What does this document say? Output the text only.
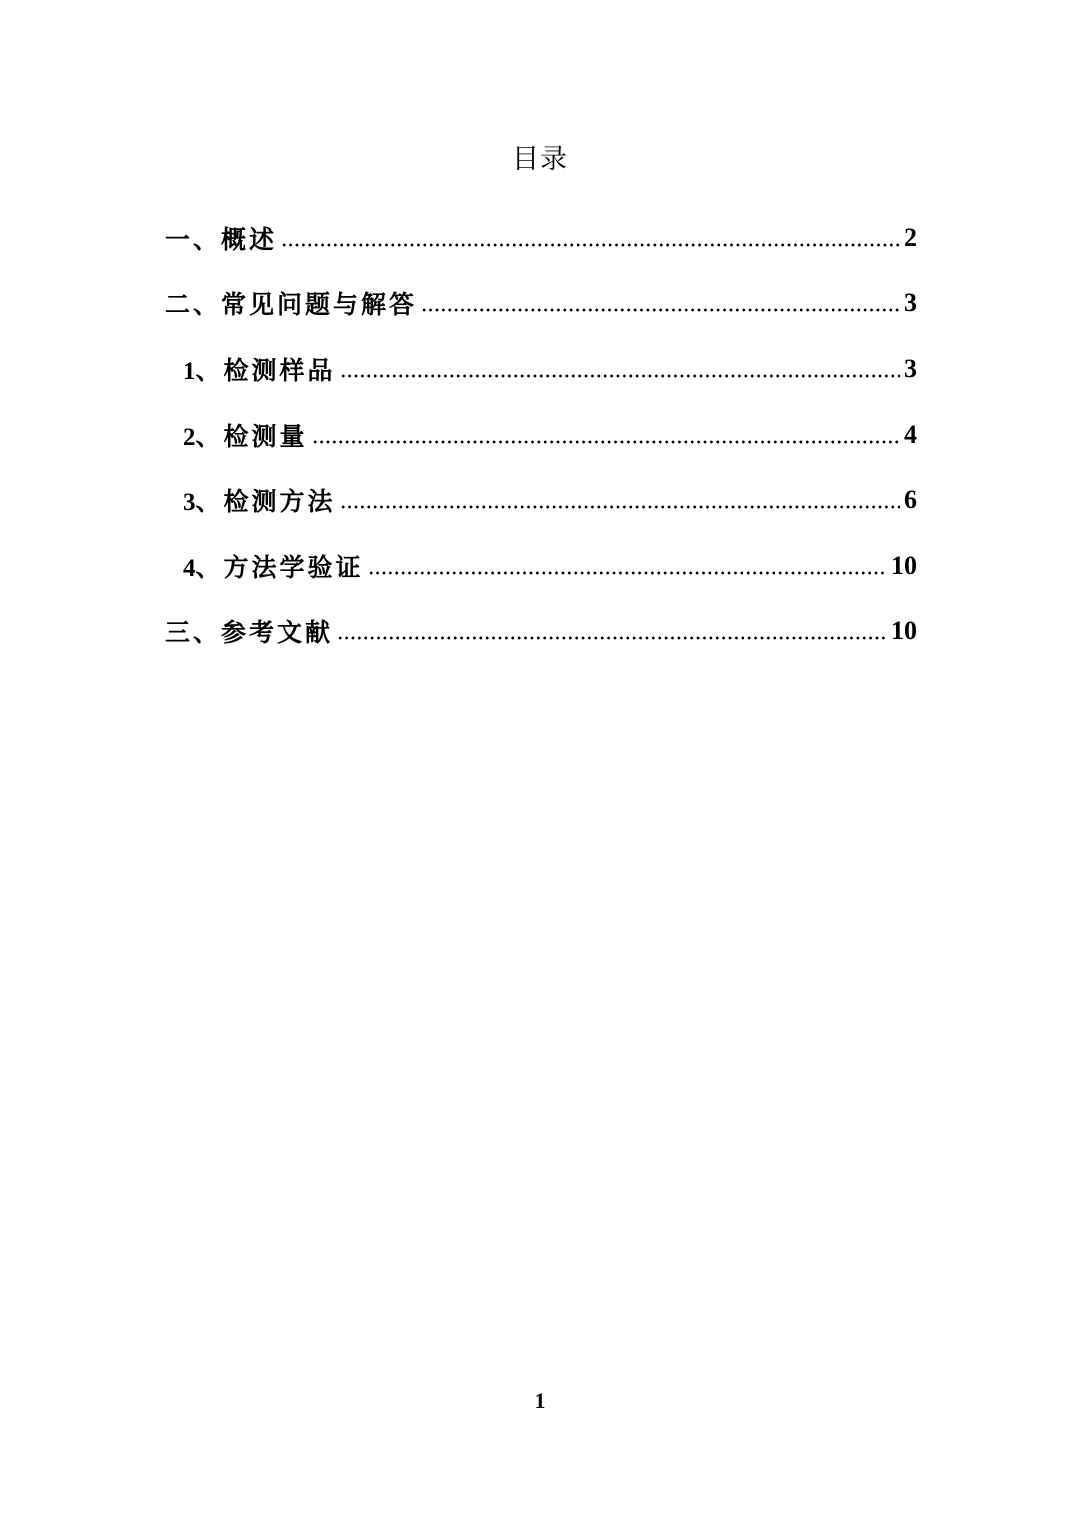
目录
一、概述	2
二、常见问题与解答	3
1、检测样品	3
2、检测量	4
3、检测方法	6
4、方法学验证	10
三、参考文献	10
1
